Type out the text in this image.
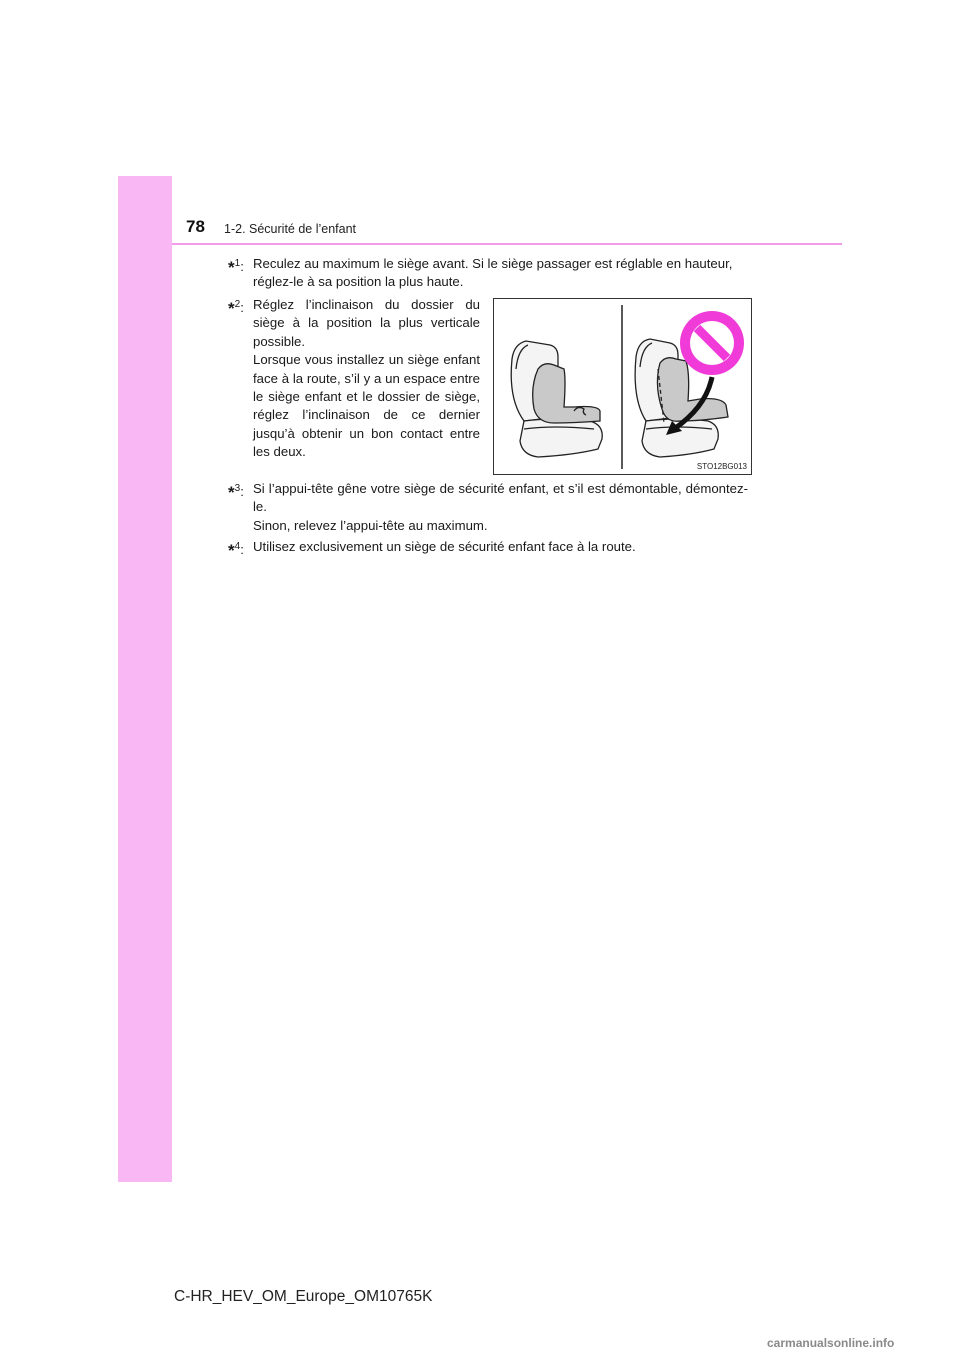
78 1-2. Sécurité de l’enfant
*$^1$: Reculez au maximum le siège avant. Si le siège passager est réglable en hauteur, réglez-le à sa position la plus haute.

*$^2$: Réglez l’inclinaison du dossier du siège à la position la plus verticale possible.

Lorsque vous installez un siège enfant face à la route, s’il y a un espace entre le siège enfant et le dossier de siège, réglez l’inclinaison de ce dernier jusqu’à obtenir un bon contact entre les deux.

STO12BG013
*$^3$: Si l’appui-tête gêne votre siège de sécurité enfant, et s’il est démontable, démontez-le.

Sinon, relevez l’appui-tête au maximum.

*$^4$: Utilisez exclusivement un siège de sécurité enfant face à la route.

C-HR_HEV_OM_Europe_OM10765K
carmanualsonline.info
